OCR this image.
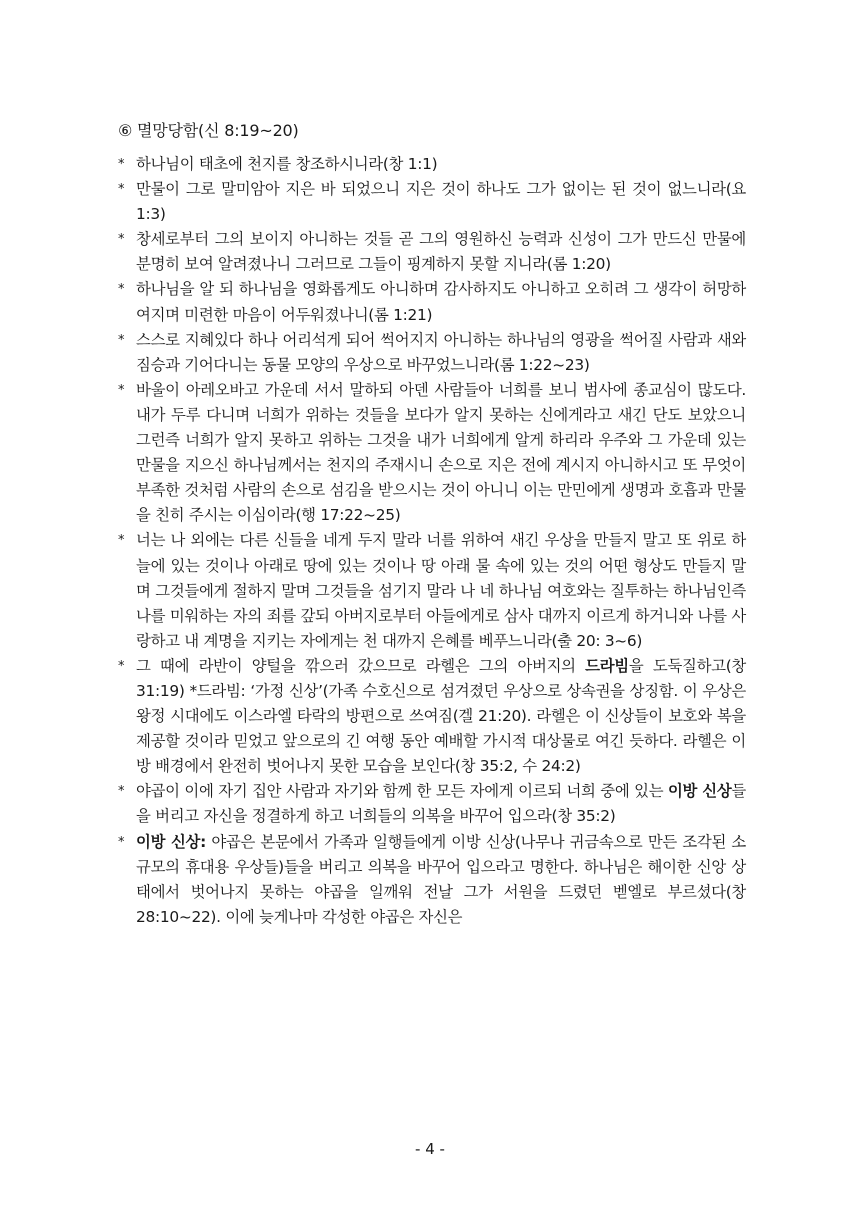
⑥ 멸망당함(신 8:19~20)
* 하나님이 태초에 천지를 창조하시니라(창 1:1)
* 만물이 그로 말미암아 지은 바 되었으니 지은 것이 하나도 그가 없이는 된 것이 없느니라(요 1:3)
* 창세로부터 그의 보이지 아니하는 것들 곧 그의 영원하신 능력과 신성이 그가 만드신 만물에 분명히 보여 알려졌나니 그러므로 그들이 핑계하지 못할 지니라(롬 1:20)
* 하나님을 알 되 하나님을 영화롭게도 아니하며 감사하지도 아니하고 오히려 그 생각이 허망하여지며 미련한 마음이 어두워졌나니(롬 1:21)
* 스스로 지혜있다 하나 어리석게 되어 썩어지지 아니하는 하나님의 영광을 썩어질 사람과 새와 짐승과 기어다니는 동물 모양의 우상으로 바꾸었느니라(롬 1:22~23)
* 바울이 아레오바고 가운데 서서 말하되 아덴 사람들아 너희를 보니 범사에 종교심이 많도다. 내가 두루 다니며 너희가 위하는 것들을 보다가 알지 못하는 신에게라고 새긴 단도 보았으니 그런즉 너희가 알지 못하고 위하는 그것을 내가 너희에게 알게 하리라 우주와 그 가운데 있는 만물을 지으신 하나님께서는 천지의 주재시니 손으로 지은 전에 계시지 아니하시고 또 무엇이 부족한 것처럼 사람의 손으로 섬김을 받으시는 것이 아니니 이는 만민에게 생명과 호흡과 만물을 친히 주시는 이심이라(행 17:22~25)
* 너는 나 외에는 다른 신들을 네게 두지 말라 너를 위하여 새긴 우상을 만들지 말고 또 위로 하늘에 있는 것이나 아래로 땅에 있는 것이나 땅 아래 물 속에 있는 것의 어떤 형상도 만들지 말며 그것들에게 절하지 말며 그것들을 섬기지 말라 나 네 하나님 여호와는 질투하는 하나님인즉 나를 미워하는 자의 죄를 갚되 아버지로부터 아들에게로 삼사 대까지 이르게 하거니와 나를 사랑하고 내 계명을 지키는 자에게는 천 대까지 은혜를 베푸느니라(출 20: 3~6)
* 그 때에 라반이 양털을 깎으러 갔으므로 라헬은 그의 아버지의 드라빔을 도둑질하고(창 31:19) *드라빔: ‘가정 신상’(가족 수호신으로 섬겨졌던 우상으로 상속권을 상징함. 이 우상은 왕정 시대에도 이스라엘 타락의 방편으로 쓰여짐(겔 21:20). 라헬은 이 신상들이 보호와 복을 제공할 것이라 믿었고 앞으로의 긴 여행 동안 예배할 가시적 대상물로 여긴 듯하다. 라헬은 이방 배경에서 완전히 벗어나지 못한 모습을 보인다(창 35:2, 수 24:2)
* 야곱이 이에 자기 집안 사람과 자기와 함께 한 모든 자에게 이르되 너희 중에 있는 이방 신상들을 버리고 자신을 정결하게 하고 너희들의 의복을 바꾸어 입으라(창 35:2)
* 이방 신상: 야곱은 본문에서 가족과 일행들에게 이방 신상(나무나 귀금속으로 만든 조각된 소규모의 휴대용 우상들)들을 버리고 의복을 바꾸어 입으라고 명한다. 하나님은 해이한 신앙 상태에서 벗어나지 못하는 야곱을 일깨워 전날 그가 서원을 드렸던 벧엘로 부르셨다(창 28:10~22). 이에 늦게나마 각성한 야곱은 자신은
- 4 -
